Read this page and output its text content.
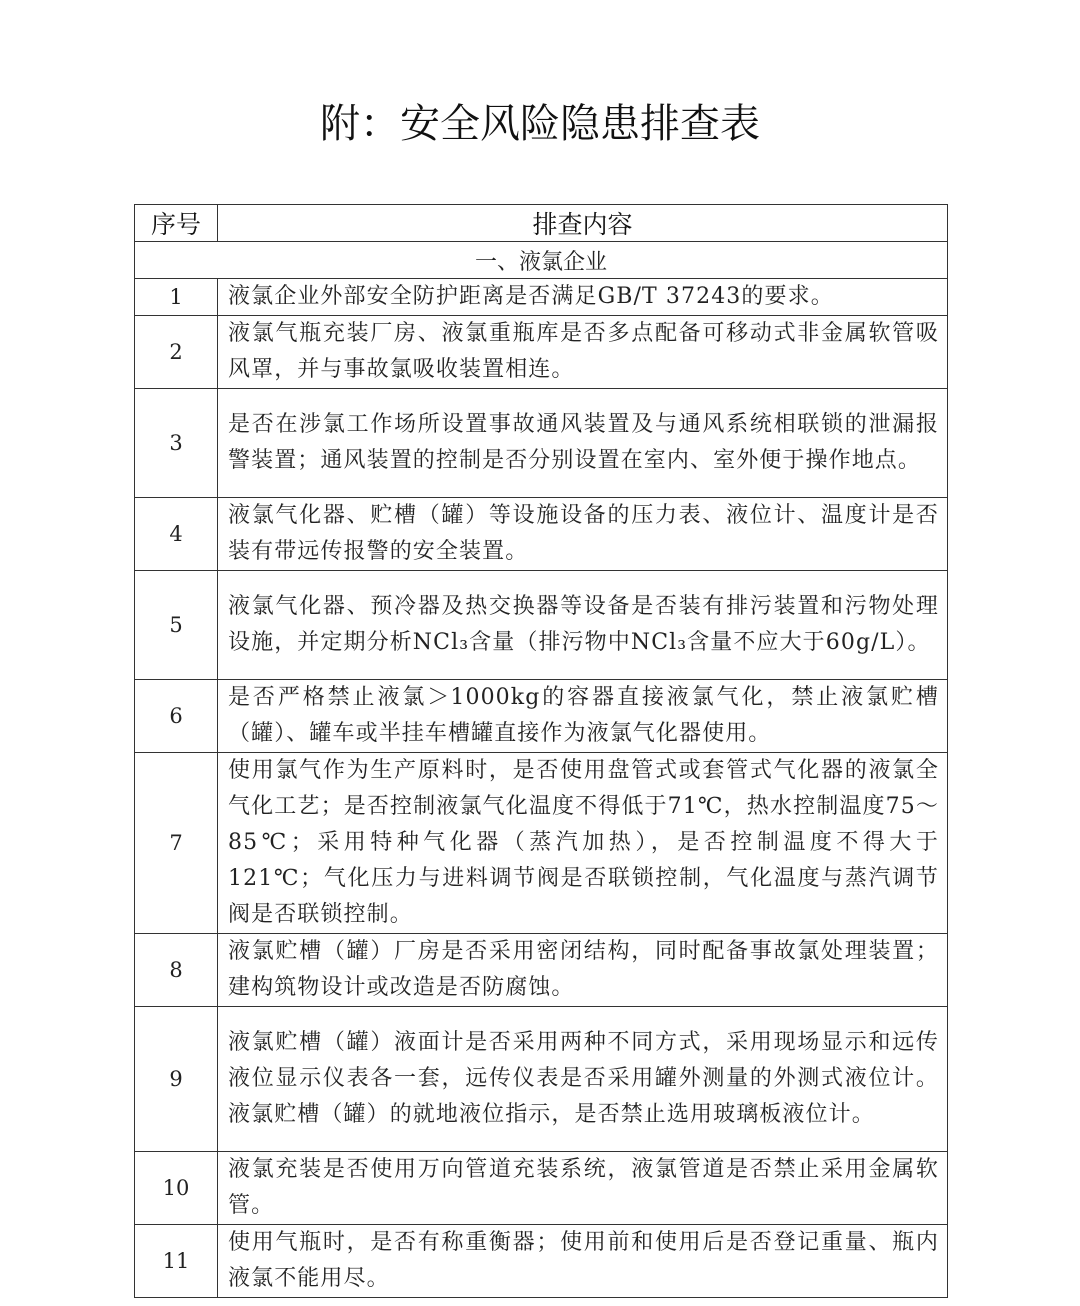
附：安全风险隐患排查表
序号	排查内容
一、液氯企业	
1	液氯企业外部安全防护距离是否满足GB/T 37243的要求。
2	液氯气瓶充装厂房、液氯重瓶库是否多点配备可移动式非金属软管吸风罩，并与事故氯吸收装置相连。
3	是否在涉氯工作场所设置事故通风装置及与通风系统相联锁的泄漏报警装置；通风装置的控制是否分别设置在室内、室外便于操作地点。
4	液氯气化器、贮槽（罐）等设施设备的压力表、液位计、温度计是否装有带远传报警的安全装置。
5	液氯气化器、预冷器及热交换器等设备是否装有排污装置和污物处理设施，并定期分析NCl₃含量（排污物中NCl₃含量不应大于60g/L）。
6	是否严格禁止液氯＞1000kg的容器直接液氯气化，禁止液氯贮槽（罐）、罐车或半挂车槽罐直接作为液氯气化器使用。
7	使用氯气作为生产原料时，是否使用盘管式或套管式气化器的液氯全气化工艺；是否控制液氯气化温度不得低于71℃，热水控制温度75～85℃；采用特种气化器（蒸汽加热），是否控制温度不得大于121℃；气化压力与进料调节阀是否联锁控制，气化温度与蒸汽调节阀是否联锁控制。
8	液氯贮槽（罐）厂房是否采用密闭结构，同时配备事故氯处理装置；建构筑物设计或改造是否防腐蚀。
9	液氯贮槽（罐）液面计是否采用两种不同方式，采用现场显示和远传液位显示仪表各一套，远传仪表是否采用罐外测量的外测式液位计。液氯贮槽（罐）的就地液位指示，是否禁止选用玻璃板液位计。
10	液氯充装是否使用万向管道充装系统，液氯管道是否禁止采用金属软管。
11	使用气瓶时，是否有称重衡器；使用前和使用后是否登记重量、瓶内液氯不能用尽。
